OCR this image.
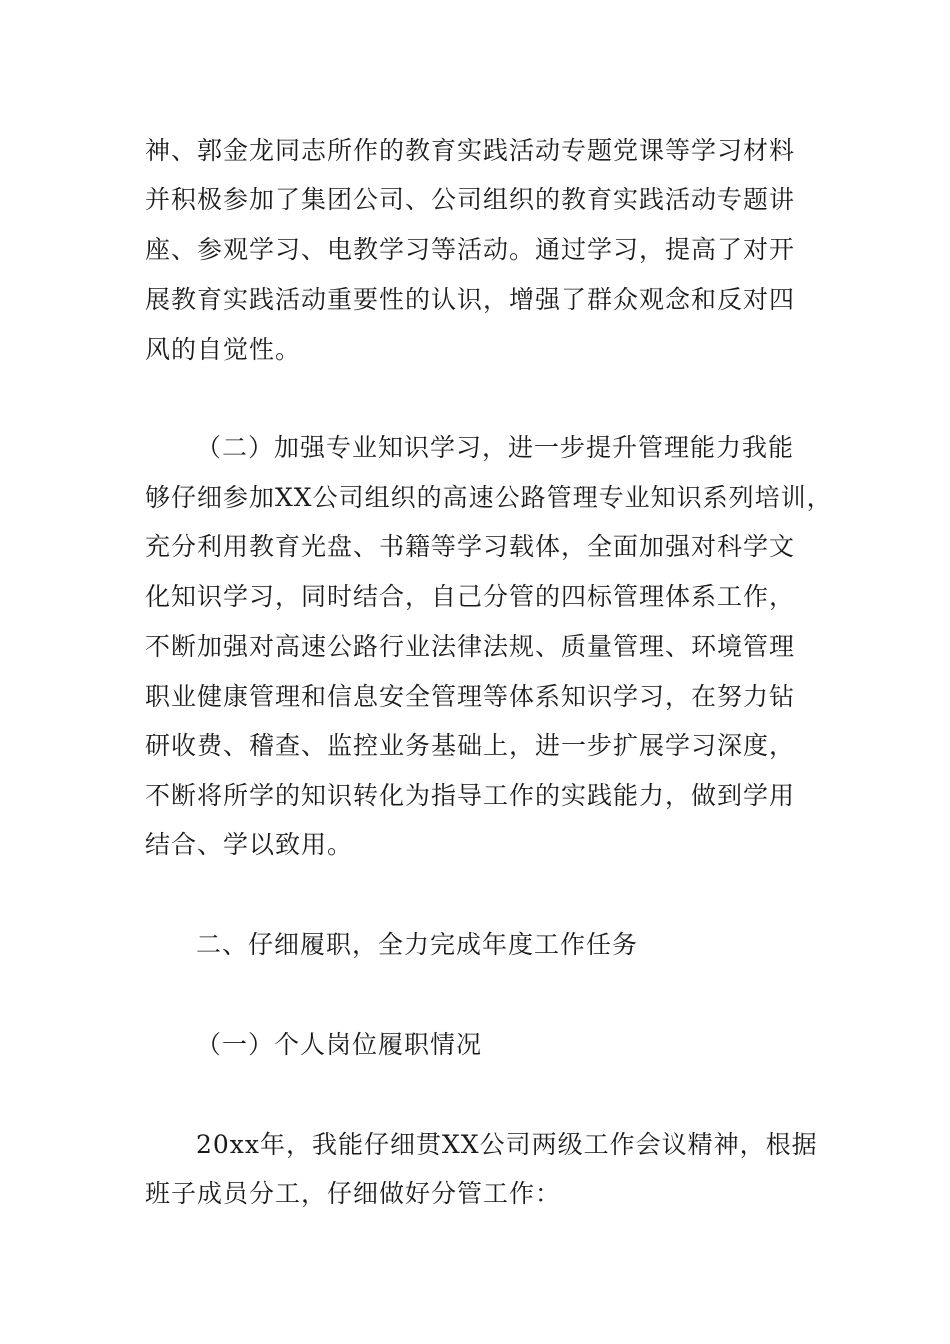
神、郭金龙同志所作的教育实践活动专题党课等学习材料
并积极参加了集团公司、公司组织的教育实践活动专题讲
座、参观学习、电教学习等活动。通过学习，提高了对开
展教育实践活动重要性的认识，增强了群众观念和反对四
风的自觉性。
（二）加强专业知识学习，进一步提升管理能力我能
够仔细参加XX公司组织的高速公路管理专业知识系列培训，
充分利用教育光盘、书籍等学习载体，全面加强对科学文
化知识学习，同时结合，自己分管的四标管理体系工作，
不断加强对高速公路行业法律法规、质量管理、环境管理
职业健康管理和信息安全管理等体系知识学习，在努力钻
研收费、稽查、监控业务基础上，进一步扩展学习深度，
不断将所学的知识转化为指导工作的实践能力，做到学用
结合、学以致用。
二、仔细履职，全力完成年度工作任务
（一）个人岗位履职情况
20xx年，我能仔细贯XX公司两级工作会议精神，根据
班子成员分工，仔细做好分管工作：
